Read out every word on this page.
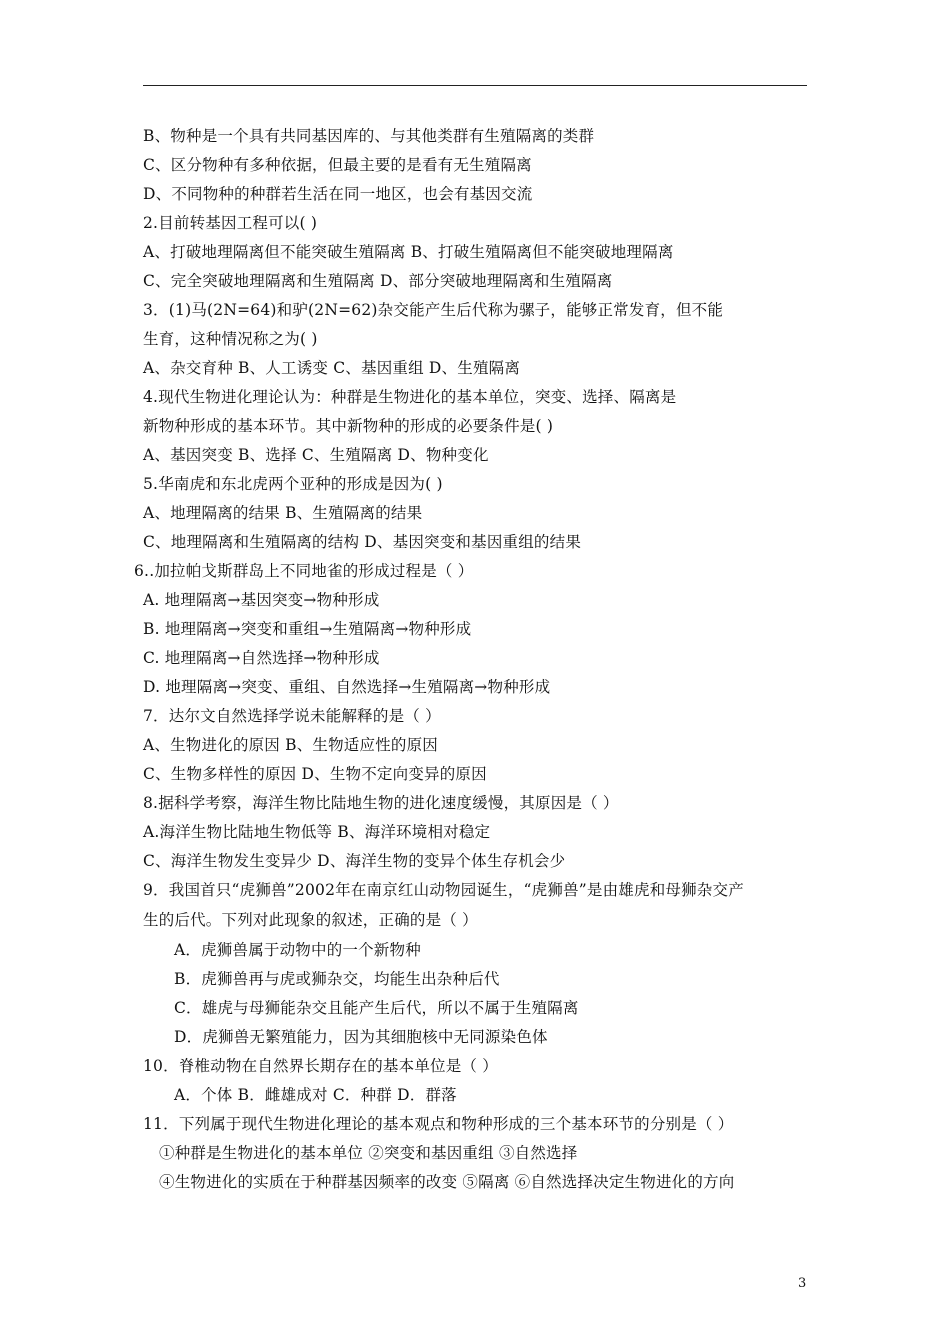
B、物种是一个具有共同基因库的、与其他类群有生殖隔离的类群
C、区分物种有多种依据，但最主要的是看有无生殖隔离
D、不同物种的种群若生活在同一地区，也会有基因交流
2.目前转基因工程可以( )
A、打破地理隔离但不能突破生殖隔离 B、打破生殖隔离但不能突破地理隔离
C、完全突破地理隔离和生殖隔离 D、部分突破地理隔离和生殖隔离
3．(1)马(2N=64)和驴(2N=62)杂交能产生后代称为骡子，能够正常发育，但不能
生育，这种情况称之为( )
A、杂交育种 B、人工诱变 C、基因重组 D、生殖隔离
4.现代生物进化理论认为：种群是生物进化的基本单位，突变、选择、隔离是
新物种形成的基本环节。其中新物种的形成的必要条件是( )
A、基因突变 B、选择 C、生殖隔离 D、物种变化
5.华南虎和东北虎两个亚种的形成是因为( )
A、地理隔离的结果 B、生殖隔离的结果
C、地理隔离和生殖隔离的结构 D、基因突变和基因重组的结果
6..加拉帕戈斯群岛上不同地雀的形成过程是（ ）
A. 地理隔离→基因突变→物种形成
B. 地理隔离→突变和重组→生殖隔离→物种形成
C. 地理隔离→自然选择→物种形成
D. 地理隔离→突变、重组、自然选择→生殖隔离→物种形成
7．达尔文自然选择学说未能解释的是（ ）
A、生物进化的原因 B、生物适应性的原因
C、生物多样性的原因 D、生物不定向变异的原因
8.据科学考察，海洋生物比陆地生物的进化速度缓慢，其原因是（ ）
A.海洋生物比陆地生物低等 B、海洋环境相对稳定
C、海洋生物发生变异少 D、海洋生物的变异个体生存机会少
9．我国首只“虎狮兽”2002年在南京红山动物园诞生，“虎狮兽”是由雄虎和母狮杂交产
生的后代。下列对此现象的叙述，正确的是（ ）
A．虎狮兽属于动物中的一个新物种
B．虎狮兽再与虎或狮杂交，均能生出杂种后代
C．雄虎与母狮能杂交且能产生后代，所以不属于生殖隔离
D．虎狮兽无繁殖能力，因为其细胞核中无同源染色体
10．脊椎动物在自然界长期存在的基本单位是（ ）
A．个体 B．雌雄成对 C．种群 D．群落
11．下列属于现代生物进化理论的基本观点和物种形成的三个基本环节的分别是（ ）
①种群是生物进化的基本单位 ②突变和基因重组 ③自然选择
④生物进化的实质在于种群基因频率的改变 ⑤隔离 ⑥自然选择决定生物进化的方向
3
